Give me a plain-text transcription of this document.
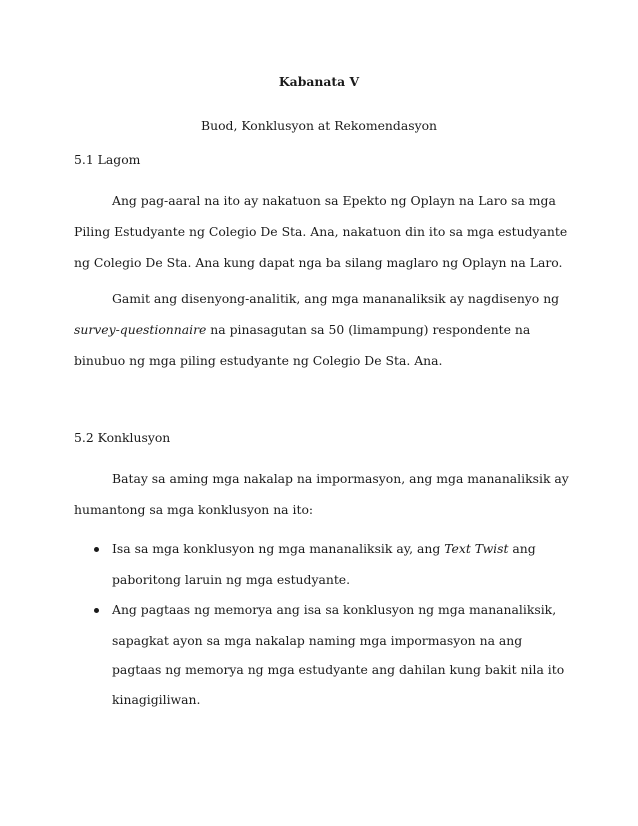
Kabanata V
Buod, Konklusyon at Rekomendasyon
5.1 Lagom
Ang pag-aaral na ito ay nakatuon sa Epekto ng Oplayn na Laro sa mga
Piling Estudyante ng Colegio De Sta. Ana, nakatuon din ito sa mga estudyante
ng Colegio De Sta. Ana kung dapat nga ba silang maglaro ng Oplayn na Laro.
Gamit ang disenyong-analitik, ang mga mananaliksik ay nagdisenyo ng
survey-questionnaire na pinasagutan sa 50 (limampung) respondente na
binubuo ng mga piling estudyante ng Colegio De Sta. Ana.
5.2 Konklusyon
Batay sa aming mga nakalap na impormasyon, ang mga mananaliksik ay
humantong sa mga konklusyon na ito:
Isa sa mga konklusyon ng mga mananaliksik ay, ang Text Twist ang
paboritong laruin ng mga estudyante.
Ang pagtaas ng memorya ang isa sa konklusyon ng mga mananaliksik,
sapagkat ayon sa mga nakalap naming mga impormasyon na ang
pagtaas ng memorya ng mga estudyante ang dahilan kung bakit nila ito
kinagigiliwan.
